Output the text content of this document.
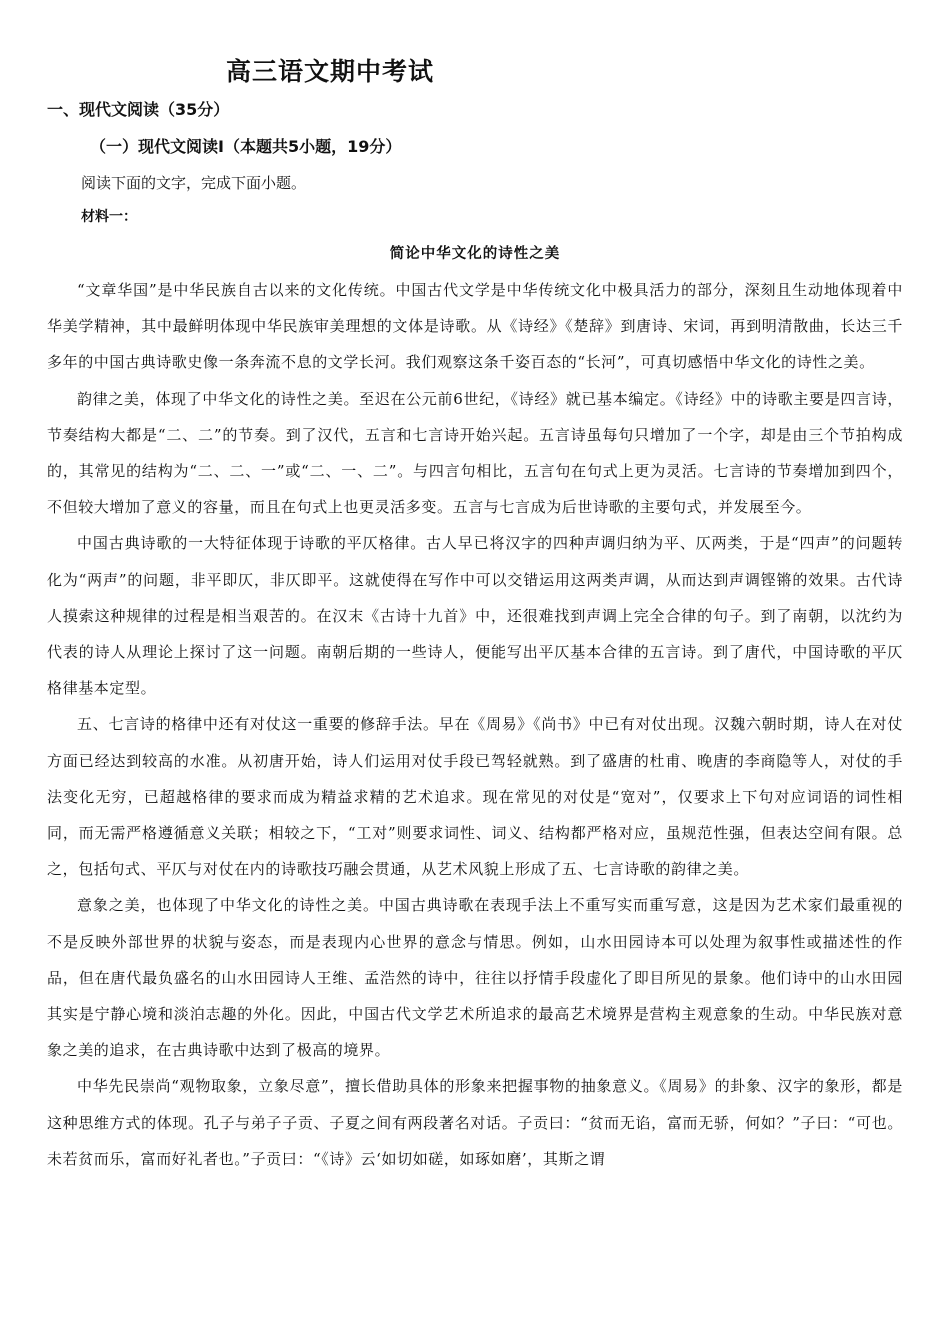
高三语文期中考试
一、现代文阅读（35分）
（一）现代文阅读Ⅰ（本题共5小题，19分）
阅读下面的文字，完成下面小题。
材料一：
简论中华文化的诗性之美

“文章华国”是中华民族自古以来的文化传统。中国古代文学是中华传统文化中极具活力的部分，深刻且生动地体现着中华美学精神，其中最鲜明体现中华民族审美理想的文体是诗歌。从《诗经》《楚辞》到唐诗、宋词，再到明清散曲，长达三千多年的中国古典诗歌史像一条奔流不息的文学长河。我们观察这条千姿百态的“长河”，可真切感悟中华文化的诗性之美。

韵律之美，体现了中华文化的诗性之美。至迟在公元前6世纪，《诗经》就已基本编定。《诗经》中的诗歌主要是四言诗，节奏结构大都是“二、二”的节奏。到了汉代，五言和七言诗开始兴起。五言诗虽每句只增加了一个字，却是由三个节拍构成的，其常见的结构为“二、二、一”或“二、一、二”。与四言句相比，五言句在句式上更为灵活。七言诗的节奏增加到四个，不但较大增加了意义的容量，而且在句式上也更灵活多变。五言与七言成为后世诗歌的主要句式，并发展至今。

中国古典诗歌的一大特征体现于诗歌的平仄格律。古人早已将汉字的四种声调归纳为平、仄两类，于是“四声”的问题转化为“两声”的问题，非平即仄，非仄即平。这就使得在写作中可以交错运用这两类声调，从而达到声调铿锵的效果。古代诗人摸索这种规律的过程是相当艰苦的。在汉末《古诗十九首》中，还很难找到声调上完全合律的句子。到了南朝，以沈约为代表的诗人从理论上探讨了这一问题。南朝后期的一些诗人，便能写出平仄基本合律的五言诗。到了唐代，中国诗歌的平仄格律基本定型。

五、七言诗的格律中还有对仗这一重要的修辞手法。早在《周易》《尚书》中已有对仗出现。汉魏六朝时期，诗人在对仗方面已经达到较高的水准。从初唐开始，诗人们运用对仗手段已驾轻就熟。到了盛唐的杜甫、晚唐的李商隐等人，对仗的手法变化无穷，已超越格律的要求而成为精益求精的艺术追求。现在常见的对仗是“宽对”，仅要求上下句对应词语的词性相同，而无需严格遵循意义关联；相较之下，“工对”则要求词性、词义、结构都严格对应，虽规范性强，但表达空间有限。总之，包括句式、平仄与对仗在内的诗歌技巧融会贯通，从艺术风貌上形成了五、七言诗歌的韵律之美。

意象之美，也体现了中华文化的诗性之美。中国古典诗歌在表现手法上不重写实而重写意，这是因为艺术家们最重视的不是反映外部世界的状貌与姿态，而是表现内心世界的意念与情思。例如，山水田园诗本可以处理为叙事性或描述性的作品，但在唐代最负盛名的山水田园诗人王维、孟浩然的诗中，往往以抒情手段虚化了即目所见的景象。他们诗中的山水田园其实是宁静心境和淡泊志趣的外化。因此，中国古代文学艺术所追求的最高艺术境界是营构主观意象的生动。中华民族对意象之美的追求，在古典诗歌中达到了极高的境界。

中华先民崇尚“观物取象，立象尽意”，擅长借助具体的形象来把握事物的抽象意义。《周易》的卦象、汉字的象形，都是这种思维方式的体现。孔子与弟子子贡、子夏之间有两段著名对话。子贡曰：“贫而无谄，富而无骄，何如？”子曰：“可也。未若贫而乐，富而好礼者也。”子贡曰：“《诗》云‘如切如磋，如琢如磨’，其斯之谓
